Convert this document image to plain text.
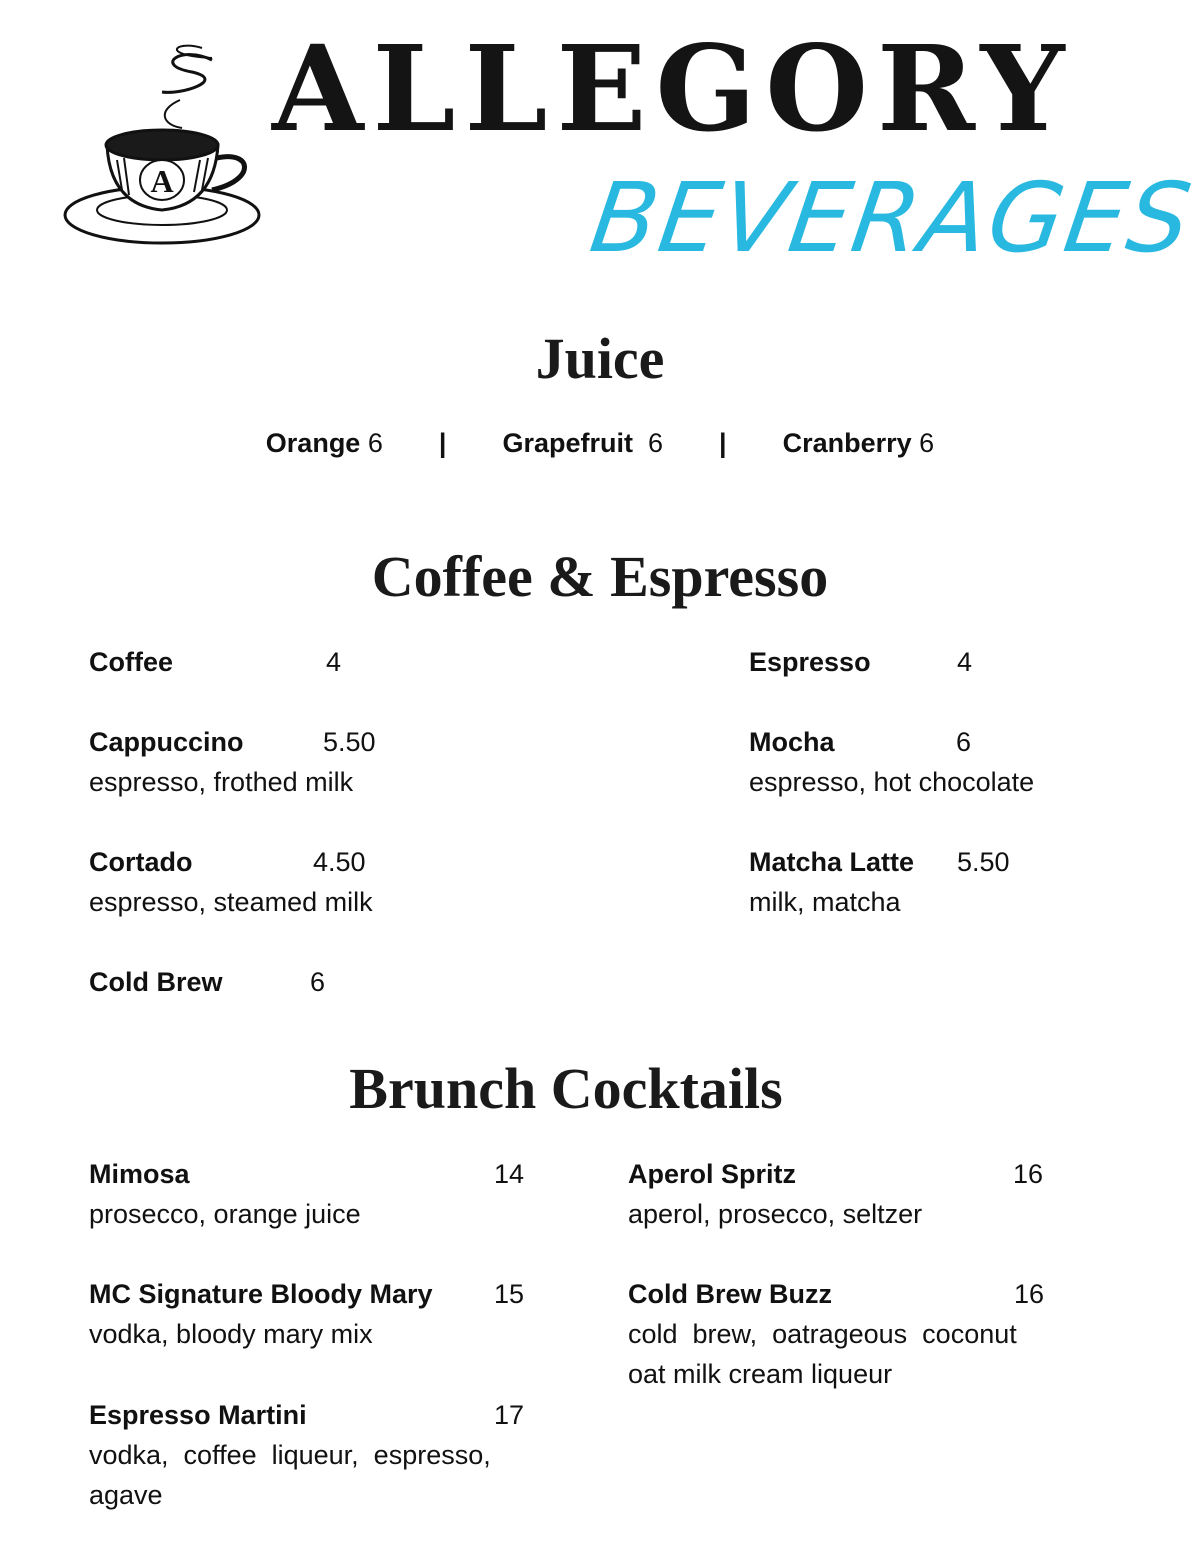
A
ALLEGORY
BEVERAGES
Juice
Orange 6 | Grapefruit 6 | Cranberry 6
Coffee & Espresso
Coffee	4	Espresso	4
Cappuccino	5.50
espresso, frothed milk
Mocha	6
espresso, hot chocolate
Cortado	4.50
espresso, steamed milk
Matcha Latte 5.50
milk, matcha
Cold Brew	6
Brunch Cocktails
Mimosa	14
prosecco, orange juice
Aperol Spritz	16
aperol, prosecco, seltzer
MC Signature Bloody Mary 15
vodka, bloody mary mix
Cold Brew Buzz	16
cold  brew,  oatrageous  coconut
oat milk cream liqueur
Espresso Martini	17
vodka,  coffee  liqueur,  espresso,
agave
